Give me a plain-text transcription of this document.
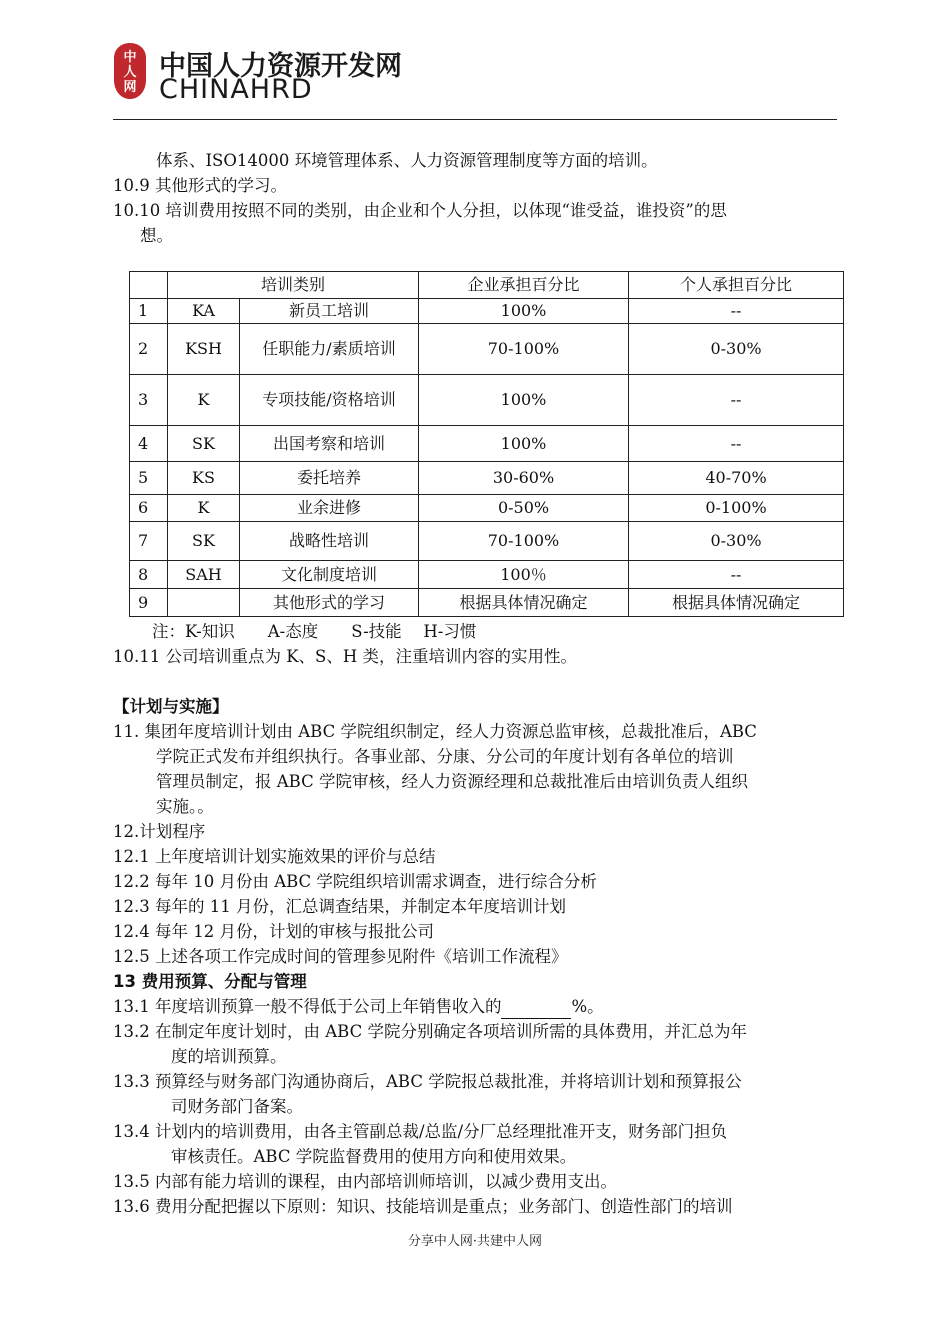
中
人
网
中国人力资源开发网
CHINAHRD
体系、ISO14000 环境管理体系、人力资源管理制度等方面的培训。
10.9 其他形式的学习。
10.10 培训费用按照不同的类别，由企业和个人分担，以体现“谁受益，谁投资”的思
想。
	培训类别		企业承担百分比	个人承担百分比
1	KA	新员工培训	100%	--
2	KSH	任职能力/素质培训	70-100%	0-30%
3	K	专项技能/资格培训	100%	--
4	SK	出国考察和培训	100%	--
5	KS	委托培养	30-60%	40-70%
6	K	业余进修	0-50%	0-100%
7	SK	战略性培训	70-100%	0-30%
8	SAH	文化制度培训	100％	--
9		其他形式的学习	根据具体情况确定	根据具体情况确定
注：K-知识　　A-态度　　S-技能　 H-习惯
10.11 公司培训重点为 K、S、H 类，注重培训内容的实用性。
【计划与实施】
11. 集团年度培训计划由 ABC 学院组织制定，经人力资源总监审核，总裁批准后，ABC
学院正式发布并组织执行。各事业部、分康、分公司的年度计划有各单位的培训
管理员制定，报 ABC 学院审核，经人力资源经理和总裁批准后由培训负责人组织
实施。。
12.计划程序
12.1 上年度培训计划实施效果的评价与总结
12.2 每年 10 月份由 ABC 学院组织培训需求调查，进行综合分析
12.3 每年的 11 月份，汇总调查结果，并制定本年度培训计划
12.4 每年 12 月份，计划的审核与报批公司
12.5 上述各项工作完成时间的管理参见附件《培训工作流程》
13 费用预算、分配与管理
13.1 年度培训预算一般不得低于公司上年销售收入的	%。
13.2 在制定年度计划时，由 ABC 学院分别确定各项培训所需的具体费用，并汇总为年
度的培训预算。
13.3 预算经与财务部门沟通协商后，ABC 学院报总裁批准，并将培训计划和预算报公
司财务部门备案。
13.4 计划内的培训费用，由各主管副总裁/总监/分厂总经理批准开支，财务部门担负
审核责任。ABC 学院监督费用的使用方向和使用效果。
13.5 内部有能力培训的课程，由内部培训师培训，以减少费用支出。
13.6 费用分配把握以下原则：知识、技能培训是重点；业务部门、创造性部门的培训
分享中人网·共建中人网
